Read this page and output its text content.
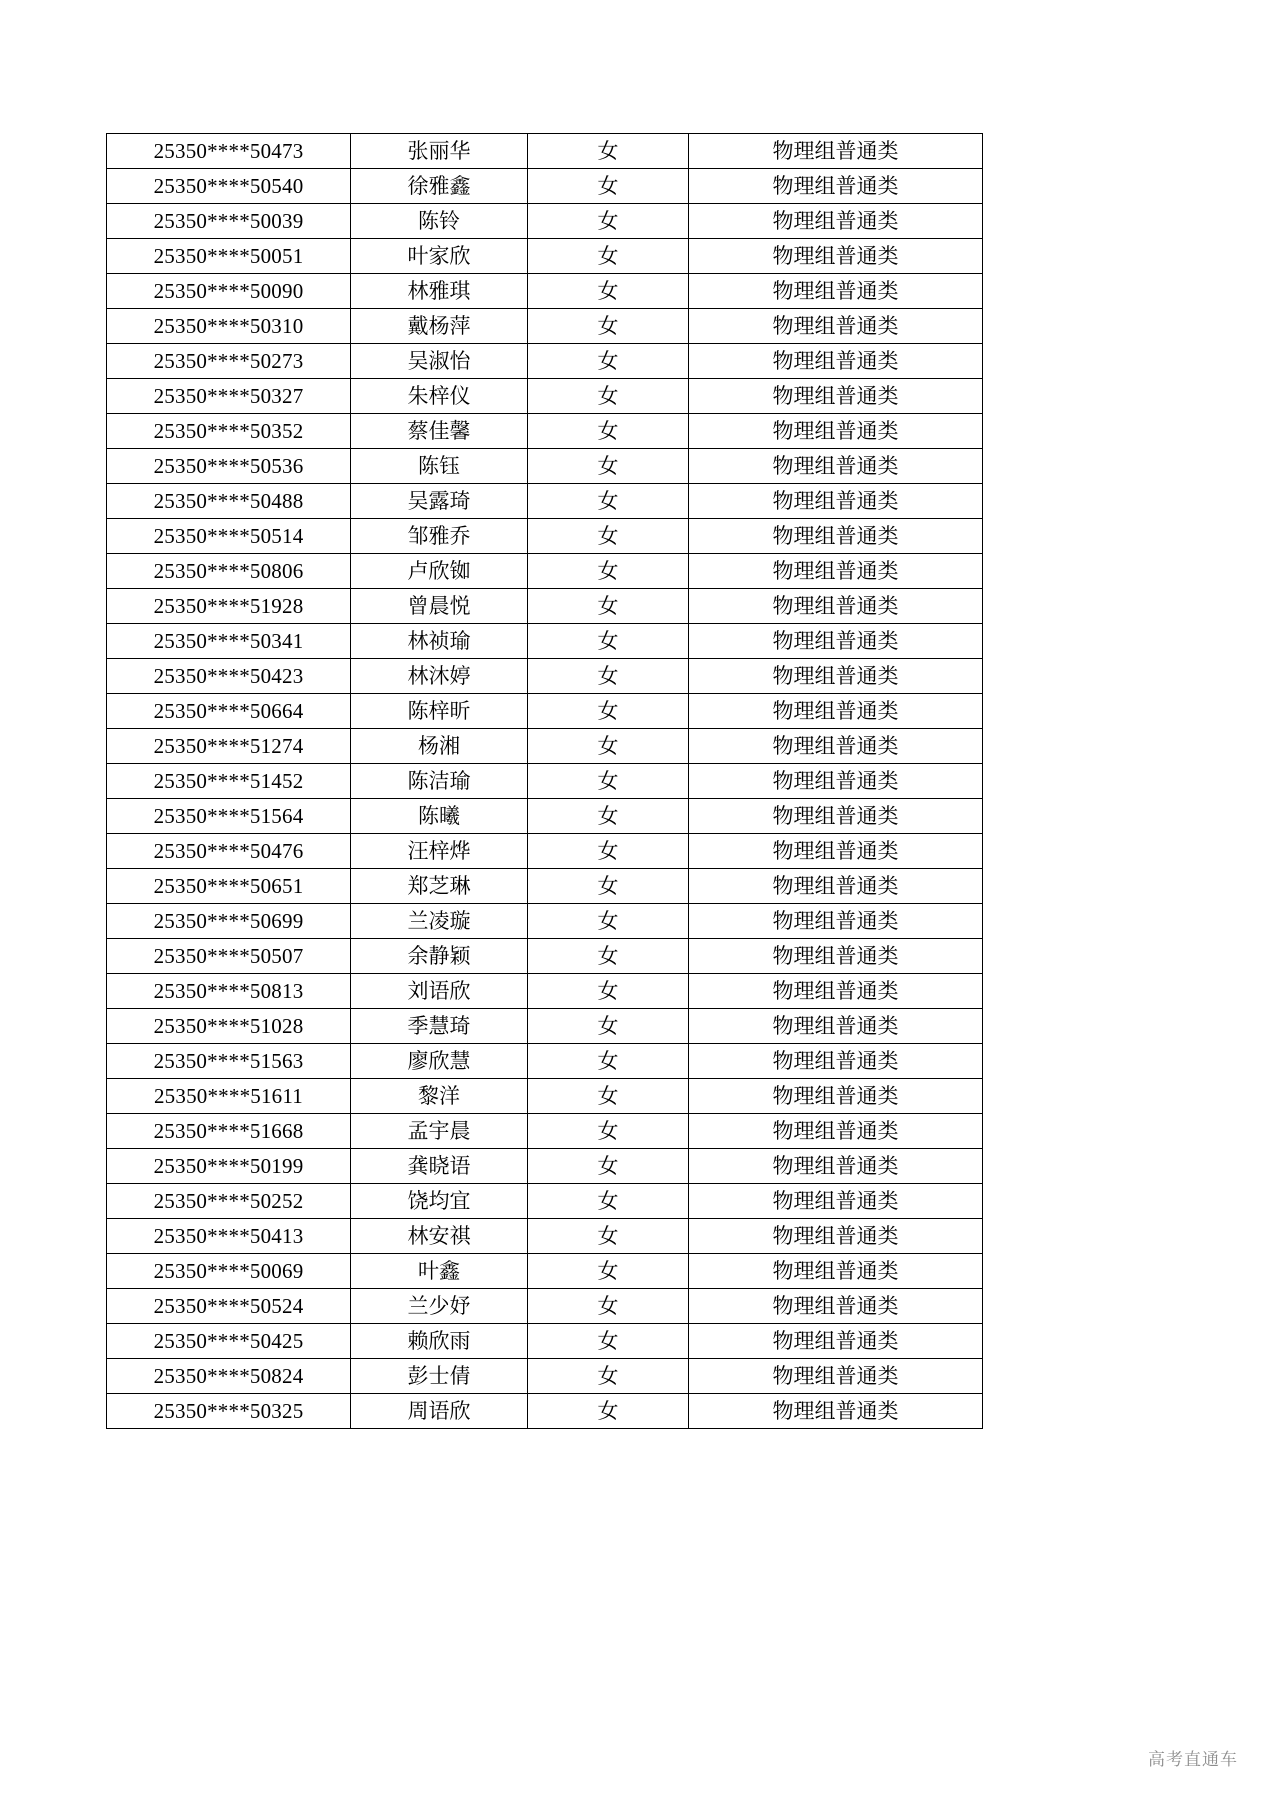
25350****50473	张丽华	女	物理组普通类
25350****50540	徐雅鑫	女	物理组普通类
25350****50039	陈铃	女	物理组普通类
25350****50051	叶家欣	女	物理组普通类
25350****50090	林雅琪	女	物理组普通类
25350****50310	戴杨萍	女	物理组普通类
25350****50273	吴淑怡	女	物理组普通类
25350****50327	朱梓仪	女	物理组普通类
25350****50352	蔡佳馨	女	物理组普通类
25350****50536	陈钰	女	物理组普通类
25350****50488	吴露琦	女	物理组普通类
25350****50514	邹雅乔	女	物理组普通类
25350****50806	卢欣铷	女	物理组普通类
25350****51928	曾晨悦	女	物理组普通类
25350****50341	林祯瑜	女	物理组普通类
25350****50423	林沐婷	女	物理组普通类
25350****50664	陈梓昕	女	物理组普通类
25350****51274	杨湘	女	物理组普通类
25350****51452	陈洁瑜	女	物理组普通类
25350****51564	陈曦	女	物理组普通类
25350****50476	汪梓烨	女	物理组普通类
25350****50651	郑芝琳	女	物理组普通类
25350****50699	兰凌璇	女	物理组普通类
25350****50507	余静颖	女	物理组普通类
25350****50813	刘语欣	女	物理组普通类
25350****51028	季慧琦	女	物理组普通类
25350****51563	廖欣慧	女	物理组普通类
25350****51611	黎洋	女	物理组普通类
25350****51668	孟宇晨	女	物理组普通类
25350****50199	龚晓语	女	物理组普通类
25350****50252	饶均宜	女	物理组普通类
25350****50413	林安祺	女	物理组普通类
25350****50069	叶鑫	女	物理组普通类
25350****50524	兰少妤	女	物理组普通类
25350****50425	赖欣雨	女	物理组普通类
25350****50824	彭士倩	女	物理组普通类
25350****50325	周语欣	女	物理组普通类
高考直通车
